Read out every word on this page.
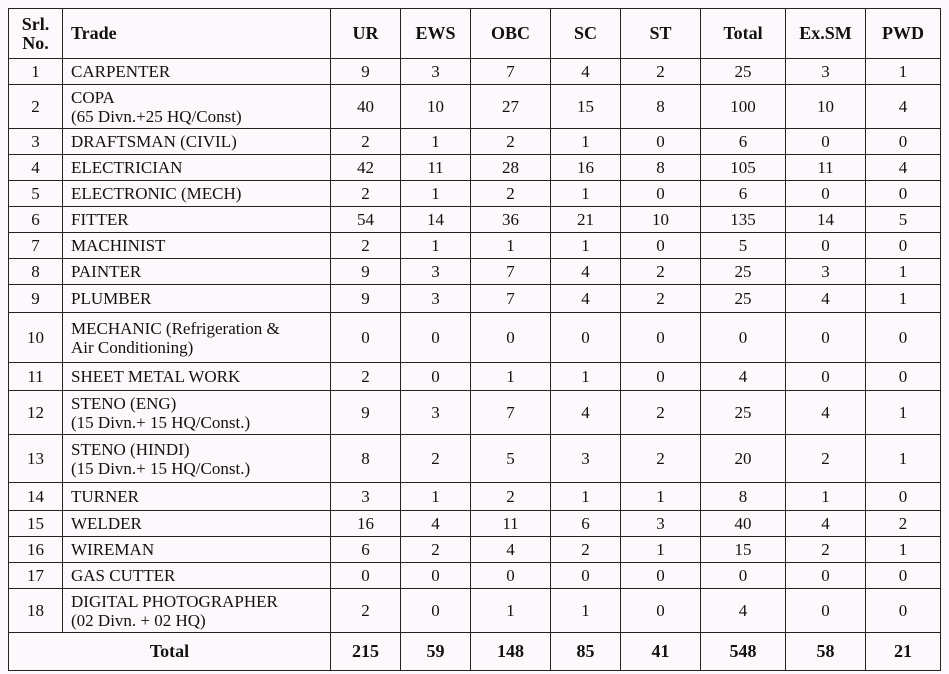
Srl.
No.	Trade	UR	EWS	OBC	SC	ST	Total	Ex.SM	PWD
1	CARPENTER	9	3	7	4	2	25	3	1
2	COPA
(65 Divn.+25 HQ/Const)	40	10	27	15	8	100	10	4
3	DRAFTSMAN (CIVIL)	2	1	2	1	0	6	0	0
4	ELECTRICIAN	42	11	28	16	8	105	11	4
5	ELECTRONIC (MECH)	2	1	2	1	0	6	0	0
6	FITTER	54	14	36	21	10	135	14	5
7	MACHINIST	2	1	1	1	0	5	0	0
8	PAINTER	9	3	7	4	2	25	3	1
9	PLUMBER	9	3	7	4	2	25	4	1
10	MECHANIC (Refrigeration &
Air Conditioning)	0	0	0	0	0	0	0	0
11	SHEET METAL WORK	2	0	1	1	0	4	0	0
12	STENO (ENG)
(15 Divn.+ 15 HQ/Const.)	9	3	7	4	2	25	4	1
13	STENO (HINDI)
(15 Divn.+ 15 HQ/Const.)	8	2	5	3	2	20	2	1
14	TURNER	3	1	2	1	1	8	1	0
15	WELDER	16	4	11	6	3	40	4	2
16	WIREMAN	6	2	4	2	1	15	2	1
17	GAS CUTTER	0	0	0	0	0	0	0	0
18	DIGITAL PHOTOGRAPHER
(02 Divn. + 02 HQ)	2	0	1	1	0	4	0	0
Total		215	59	148	85	41	548	58	21
